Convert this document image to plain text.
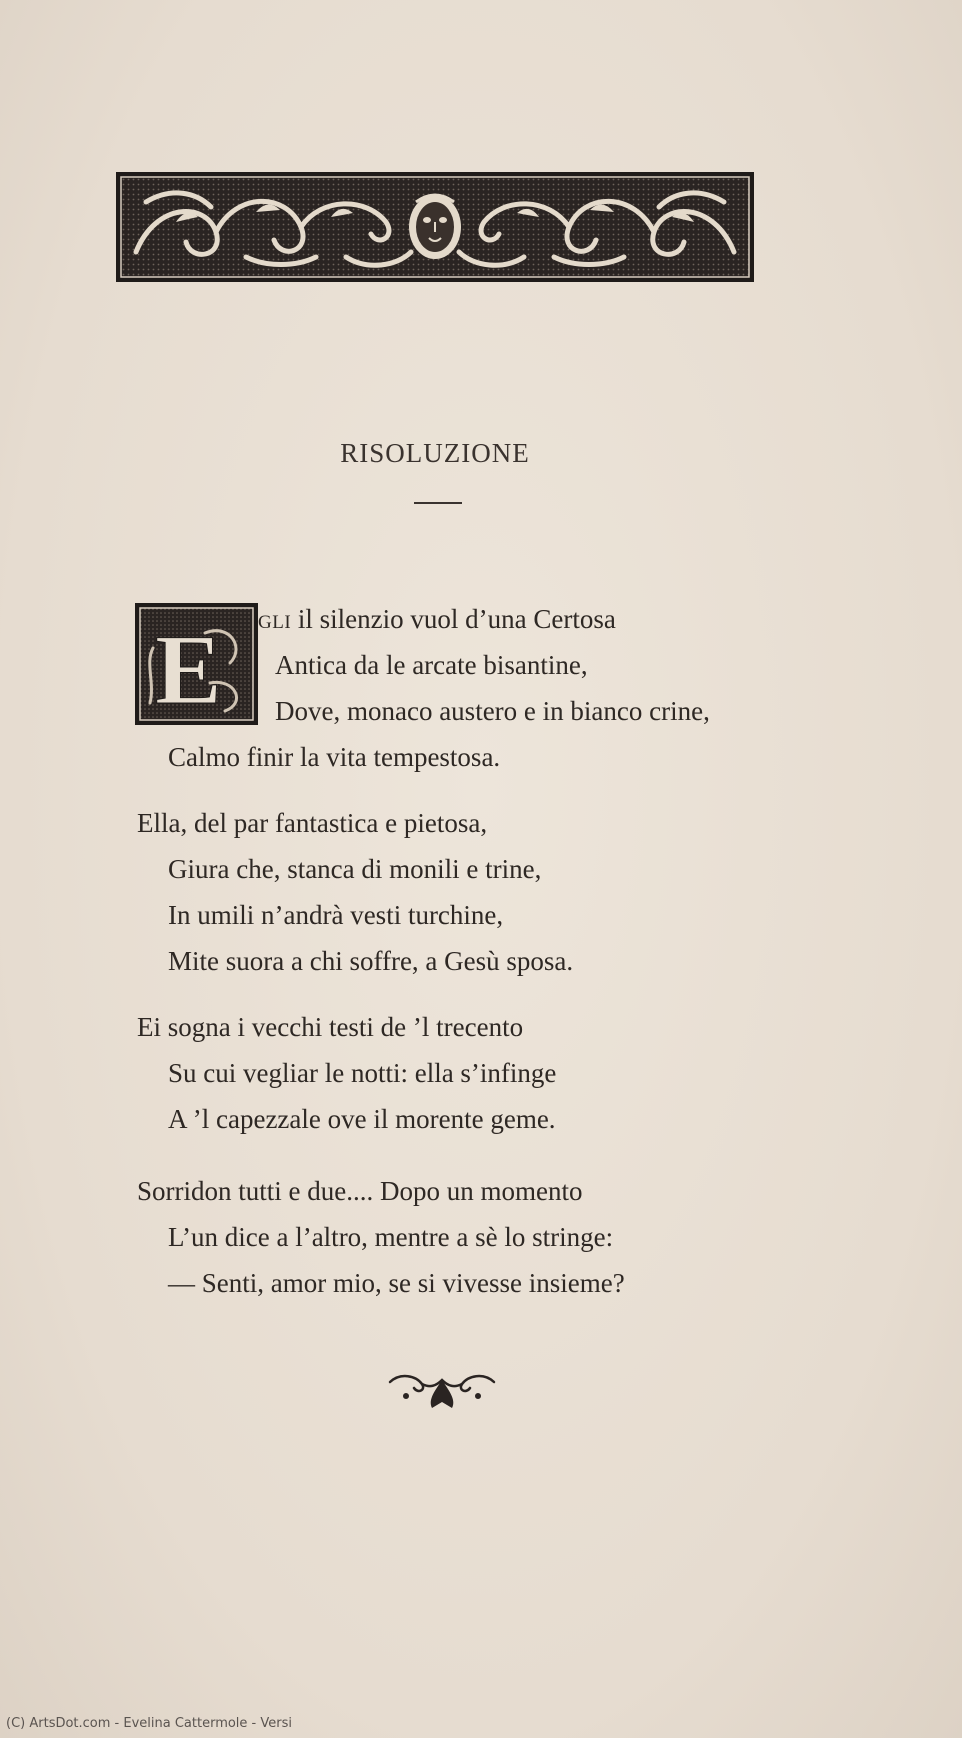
RISOLUZIONE
E GLI il silenzio vuol d’una Certosa
Antica da le arcate bisantine,
Dove, monaco austero e in bianco crine,
Calmo finir la vita tempestosa.
Ella, del par fantastica e pietosa,
Giura che, stanca di monili e trine,
In umili n’andrà vesti turchine,
Mite suora a chi soffre, a Gesù sposa.
Ei sogna i vecchi testi de ’l trecento
Su cui vegliar le notti: ella s’infinge
A ’l capezzale ove il morente geme.
Sorridon tutti e due.... Dopo un momento
L’un dice a l’altro, mentre a sè lo stringe:
— Senti, amor mio, se si vivesse insieme?
(C) ArtsDot.com - Evelina Cattermole - Versi
